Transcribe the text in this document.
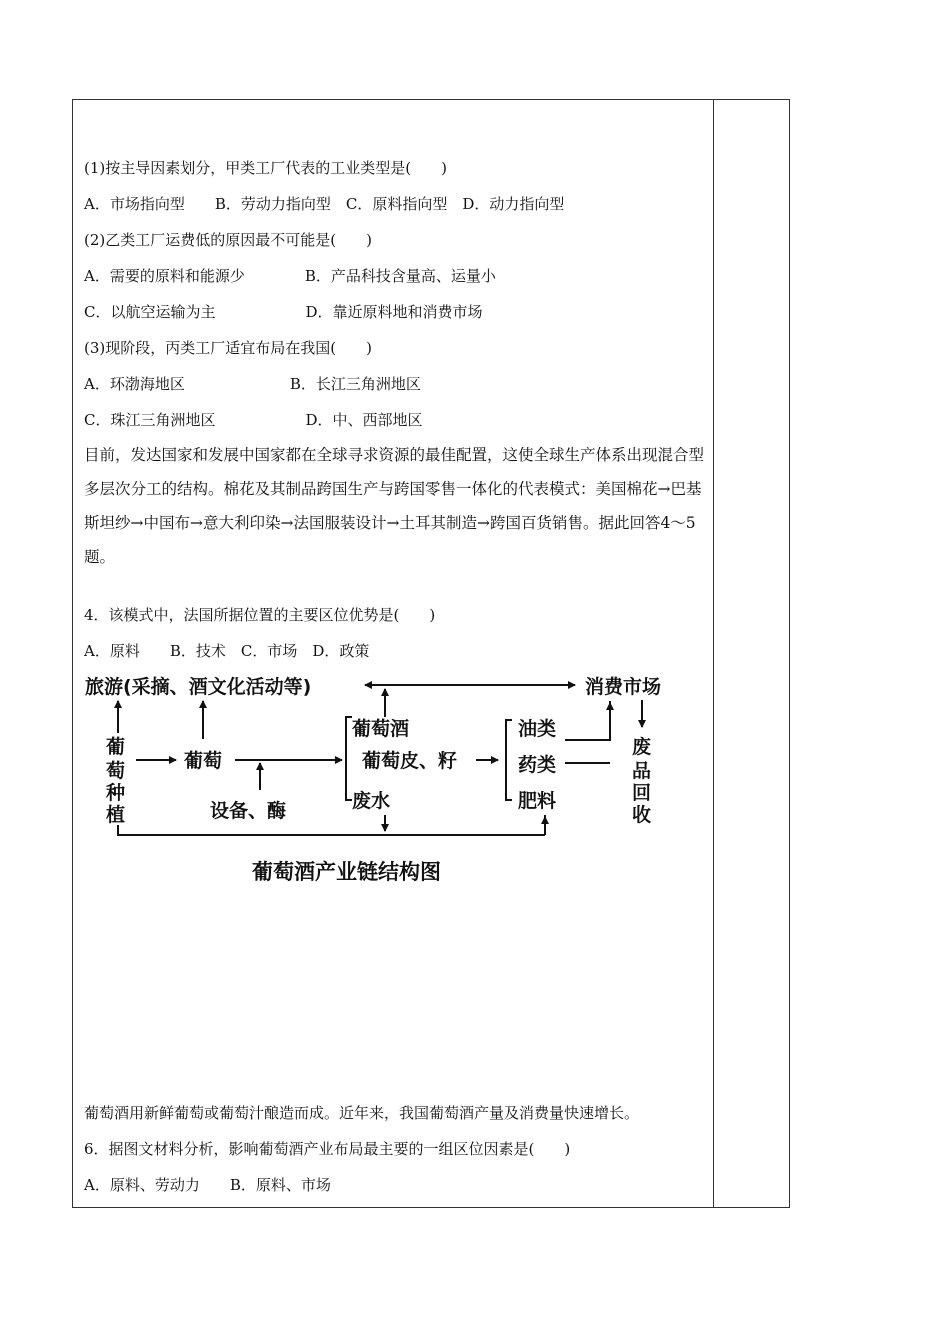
(1)按主导因素划分，甲类工厂代表的工业类型是(　　)
A．市场指向型　　B．劳动力指向型　C．原料指向型　D．动力指向型
(2)乙类工厂运费低的原因最不可能是(　　)
A．需要的原料和能源少　　　　B．产品科技含量高、运量小
C．以航空运输为主　　　　　　D．靠近原料地和消费市场
(3)现阶段，丙类工厂适宜布局在我国(　　)
A．环渤海地区　　　　　　　B．长江三角洲地区
C．珠江三角洲地区　　　　　　D．中、西部地区
目前，发达国家和发展中国家都在全球寻求资源的最佳配置，这使全球生产体系出现混合型多层次分工的结构。棉花及其制品跨国生产与跨国零售一体化的代表模式：美国棉花→巴基斯坦纱→中国布→意大利印染→法国服装设计→土耳其制造→跨国百货销售。据此回答4～5题。
4．该模式中，法国所据位置的主要区位优势是(　　)
A．原料　　B．技术　C．市场　D．政策
旅游(采摘、酒文化活动等)	消费市场
葡
萄
种
植
葡萄
设备、酶
葡萄酒
葡萄皮、籽
废水
油类
药类
肥料
废
品
回
收
葡萄酒产业链结构图
葡萄酒用新鲜葡萄或葡萄汁酿造而成。近年来，我国葡萄酒产量及消费量快速增长。
6．据图文材料分析，影响葡萄酒产业布局最主要的一组区位因素是(　　)
A．原料、劳动力　　B．原料、市场
